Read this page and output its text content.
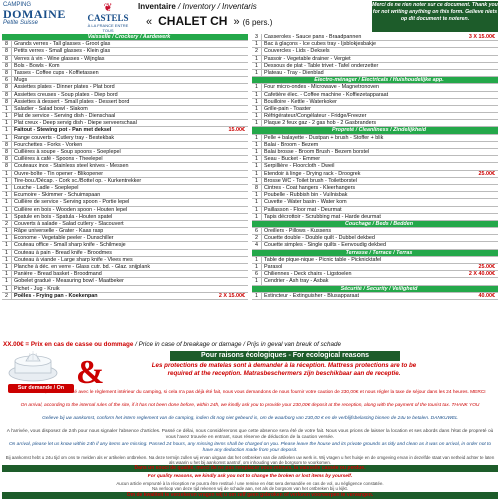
CAMPING
DOMAINE
Petite Suisse
❦
CASTELS
À LA FRANCE ENTRE TOUS
Inventaire / Inventory / Inventaris
« CHALET CH » (6 pers.)
Merci de ne rien noter sur ce document. Thank you for not writing anything on this form. Gelieve niets op dit document te noteren.
Vaisselle / Crockery / Aardewerk
8	Grands verres - Tall glasses - Groot glas
8	Petits verres - Small glasses - Klein glas
8	Verres à vin - Wine glasses - Wijnglas
8	Bols - Bowls - Kom
8	Tasses - Coffee cups - Koffietassen
6	Mugs
8	Assiettes plates - Dinner plates - Plat bord
8	Assiettes creuses - Soup plates - Diep bord
8	Assiettes à dessert - Small plates - Dessert bord
1	Saladier - Salad bowl - Slakom
1	Plat de service - Serving dish - Dienschaal
1	Plat creux - Deep servig dish - Diepe serveerschaal
1	Faitout - Stewing pot - Pan met deksel	15.00€
1	Range couverts - Cutlery tray - Bestekbak
8	Fourchettes - Forks - Vorken
8	Cuillères à soupe - Soup spoons - Soeplepel
8	Cuillères à café - Spoons - Theelepel
8	Couteaux inox - Stainless steel knives - Messen
1	Ouvre-boîte - Tin opener - Blikopener
1	Tire-bou./Décap. - Cork sc./Bottel op. - Kurkentrekker
1	Louche - Ladle - Soeplepel
1	Ecumoire - Skimmer - Schuimspaan
1	Cuillère de service - Serving spoon - Portie lepel
1	Cuillère en bois - Wooden spoon - Houten lepel
1	Spatule en bois - Spatula - Houten spatel
2	Couverts à salade - Salad cutlery - Slacouvert
1	Râpe universelle - Grater - Kaas rasp
1	Econome - Vegetable peeler - Dunschiller
1	Couteau office - Small sharp knife - Schilmesje
1	Couteau à pain - Bread knife - Broodmes
1	Couteau à viande - Large sharp knife - Vlees mes
1	Planche à déc. en verre - Glass cutr. bd. - Glaz. snijplank
1	Panière - Bread basket - Broodmand
1	Gobelet gradué - Measuring bowl - Maatbeker
1	Pichet - Jug - Kruik
2	Poêles - Frying pan - Koekenpan	2 X 15.00€
3	Casseroles - Sauce pans - Braadpannen	3 X 15.00€
1	Bac à glaçons - Ice cubes tray - Ijsblokjesbakje
2	Couvercles - Lids - Deksels
1	Passoir - Vegetable drainer - Vergiet
1	Dessous de plat - Table trivet - Tafel onderzetter
1	Plateau - Tray - Dienblad
Electro-ménager / Electricals / Huishoudelijke app.
1	Four micro-ondes - Microwave - Magnetronoven
1	Cafetière élec. - Coffee machine - Koffiezetapparaat
1	Bouilloire - Kettle - Waterkoker
1	Grille-pain - Toaster
1	Réfrigérateur/Congélateur - Fridge/Freezer
1	Plaque 2 feux gaz - 2 gas hob - 2 Gasbranders
Propreté / Cleanliness / Zindelijkheid
1	Pelle + balayette - Dustpan + brush - Stoffer + blik
1	Balai - Broom - Bezem
1	Balai brosse - Broom Brush - Bezem borstel
1	Seau - Bucket - Emmer
1	Serpillière - Floorcloth - Dweil
1	Etendoir à linge - Drying rack - Droogrek	25.00€
1	Brosse WC - Toilet brush - Toiletborstel
8	Cintres - Coat hangers - Kleerhangers
1	Poubelle - Rubbish bin - Vuilnisbak
1	Cuvette - Water basin - Water kom
1	Paillasson - Floor mat - Deurmat
1	Tapis décrottoir - Scrubbing mat - Harde deurmat
Couchage / Beds / Bedden
6	Oreillers - Pillows - Kussens
2	Couette double - Double quilt - Dubbel dekbed
4	Couette simples - Single quilts - Eenvoudig dekbed
Terrasse / Terrace / Terras
1	Table de pique-nique - Picnic table - Picknicktafel
1	Parasol	25.00€
6	Chiliennes - Deck chairs - Ligstoelen	2 X 40.00€
1	Cendrier - Ash tray - Asbak
Sécurité / Security / Veiligheid
1	Extincteur - Extinguisher - Blusapparaat	40.00€
XX.00€ = Prix en cas de casse ou dommage / Price in case of breakage or damage / Prijs in geval van breuk of schade
Sur demande / On request
&	Pour raisons écologiques - For ecological reasons
Les protections de matelas sont à demander à la réception. Mattress protections are to be required at the reception. Matrasbeschermers zijn beschikbaar aan de receptie.
A votre arrivée, en conformité avec le règlement intérieur du camping, si cela n'a pas déjà été fait, nous vous demandons de nous fournir votre caution de 230,00€ et nous régler la taxe de séjour dans les 24 heures. MERCI
On arrival, according to the internal rules of the site, if it has not been done before, within 24h, we kindly ask you to provide your 230,00€ deposit at the reception, along with the payment of the tourist tax. THANK YOU
Gelieve bij uw aankomst, conform het intern reglement van de camping, indien dit nog niet gebeurd is, om de waarborg van 230,00 € en de verblijfsbelasting binnen de 24u te betalen. DANKUWEL
A l'arrivée, vous disposez de 24h pour nous signaler l'absence d'articles. Passé ce délai, nous considérerons que cette absence sera été de votre fait. Nous vous prions de laisser la location et ses abords dans l'état de propreté où vous l'avez trouvée en entrant, sous réserve de déduction de la caution versée.
On arrival, please let us know within 24h if any items are missing. Passed 24 hours, any missing items shall be charged on you. Please leave the house and its private grounds as tidy and clean as it was on arrival, in order not to have any deduction made from your deposit.
Bij aankomst hebt u 24u tijd om ons te melden als er artikelen ontbreken. Na deze termijn zullen wij ervan uitgaan dat het ontbreken van die artikelen uw werk is. Wij vragen u het huisje en de omgeving ervan in dezelfde staat van netheid achter te laten als waarin u het bij aankomst aantrof, om inhouding van de borgsom te voorkomen.
Dans un souci de qualité, merci de ne pas remplacer vous-mêmes, la vaisselle cassée ou perdue.
For quality reasons, we kindly ask you not to change the broken or lost items by yourself.
Aucun article emprunté à la réception ne pourra être restitué / une remise en état sera demandée en cas de vol, ou négligence constatée.
Na verloop van deze tijd rekenen wij de schade aan, net als de borgsom van het ontbreken bij u kijkt.
Om de kwaliteit te verzekeren vragen wij u om zelf geen gebroken of verloren voorwerpen te vervangen.
